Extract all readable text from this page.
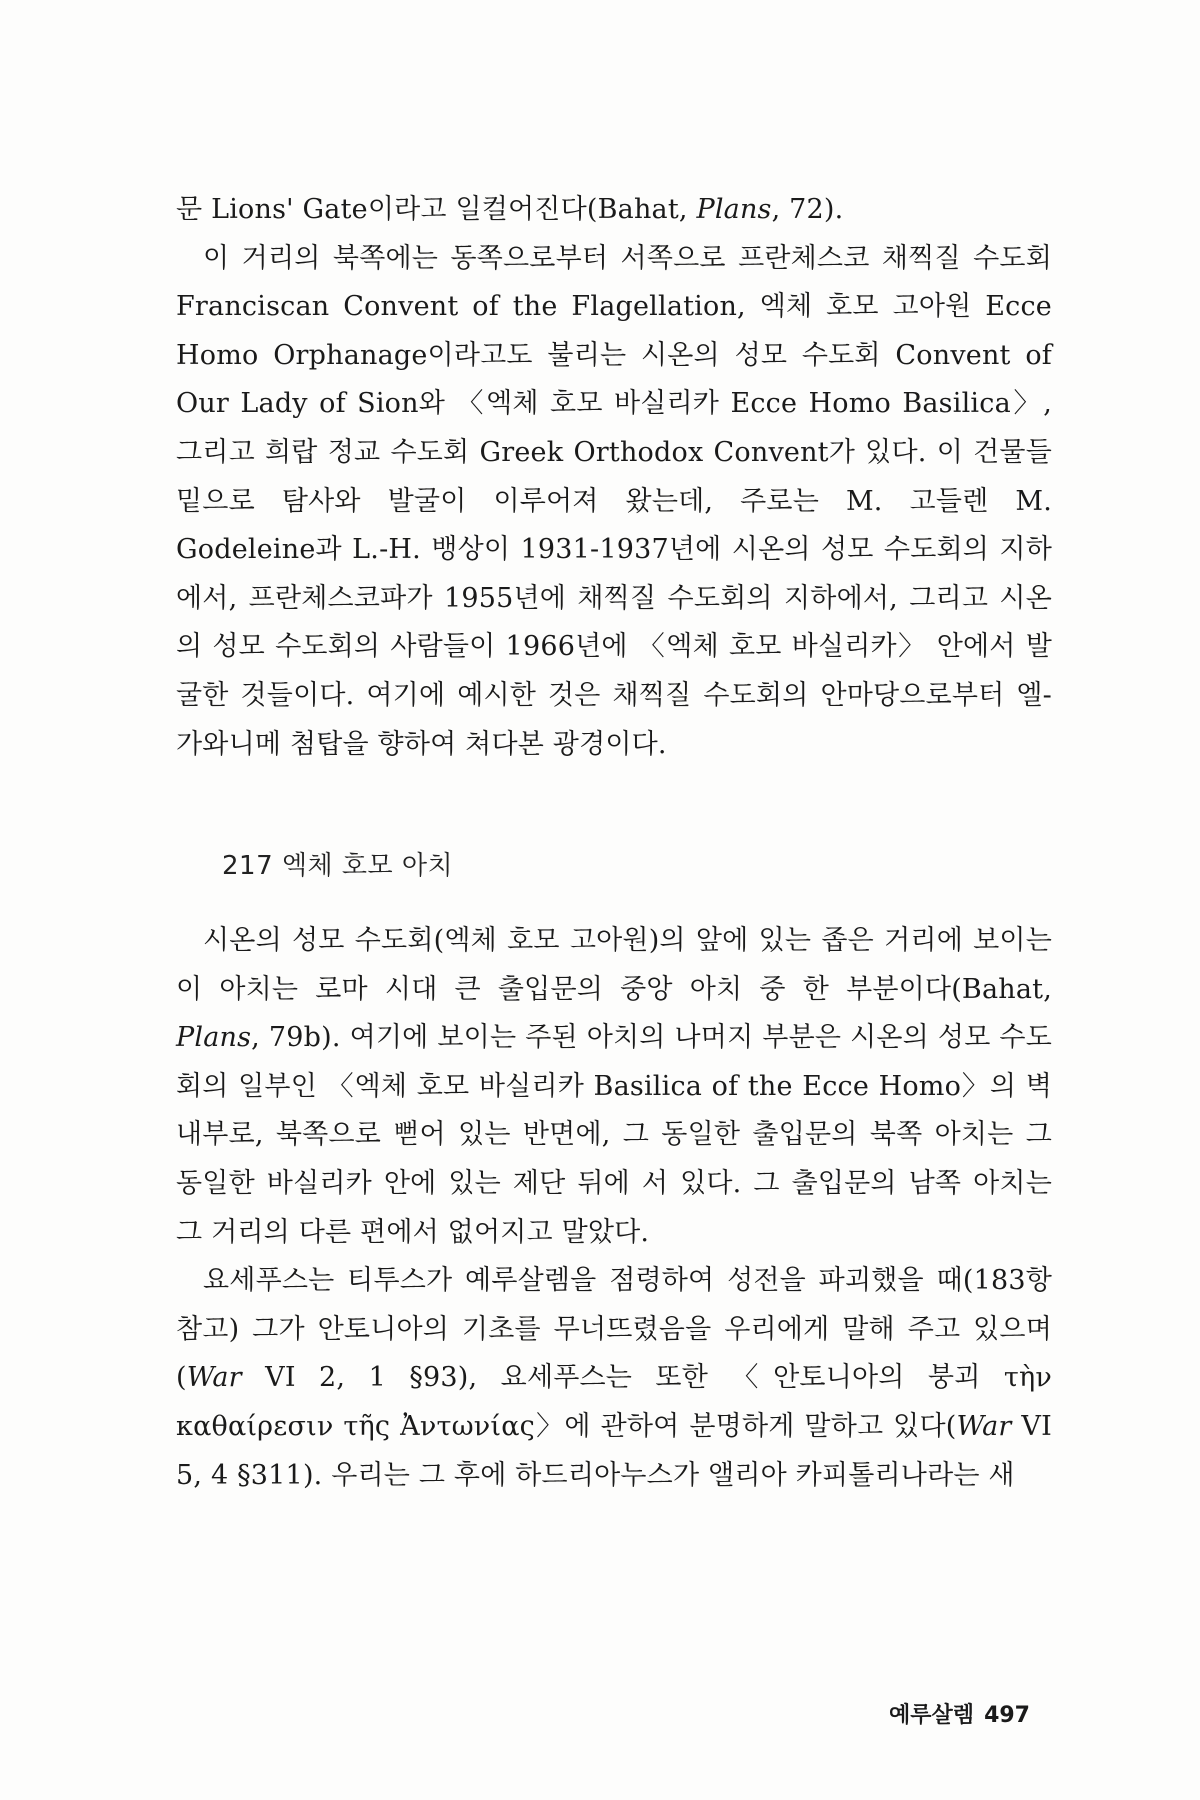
문 Lions' Gate이라고 일컬어진다(Bahat, Plans, 72).

이 거리의 북쪽에는 동쪽으로부터 서쪽으로 프란체스코 채찍질 수도회 Franciscan Convent of the Flagellation, 엑체 호모 고아원 Ecce Homo Orphanage이라고도 불리는 시온의 성모 수도회 Convent of Our Lady of Sion와 〈엑체 호모 바실리카 Ecce Homo Basilica〉, 그리고 희랍 정교 수도회 Greek Orthodox Convent가 있다. 이 건물들 밑으로 탐사와 발굴이 이루어져 왔는데, 주로는 M. 고들렌 M. Godeleine과 L.-H. 뱅상이 1931-1937년에 시온의 성모 수도회의 지하에서, 프란체스코파가 1955년에 채찍질 수도회의 지하에서, 그리고 시온의 성모 수도회의 사람들이 1966년에 〈엑체 호모 바실리카〉 안에서 발굴한 것들이다. 여기에 예시한 것은 채찍질 수도회의 안마당으로부터 엘-가와니메 첨탑을 향하여 쳐다본 광경이다.

217 엑체 호모 아치

시온의 성모 수도회(엑체 호모 고아원)의 앞에 있는 좁은 거리에 보이는 이 아치는 로마 시대 큰 출입문의 중앙 아치 중 한 부분이다(Bahat, Plans, 79b). 여기에 보이는 주된 아치의 나머지 부분은 시온의 성모 수도회의 일부인 〈엑체 호모 바실리카 Basilica of the Ecce Homo〉의 벽 내부로, 북쪽으로 뻗어 있는 반면에, 그 동일한 출입문의 북쪽 아치는 그 동일한 바실리카 안에 있는 제단 뒤에 서 있다. 그 출입문의 남쪽 아치는 그 거리의 다른 편에서 없어지고 말았다.

요세푸스는 티투스가 예루살렘을 점령하여 성전을 파괴했을 때(183항 참고) 그가 안토니아의 기초를 무너뜨렸음을 우리에게 말해 주고 있으며(War VI 2, 1 §93), 요세푸스는 또한 〈안토니아의 붕괴 τὴν καθαίρεσιν τῆς Ἀντωνίας〉에 관하여 분명하게 말하고 있다(War VI 5, 4 §311). 우리는 그 후에 하드리아누스가 앨리아 카피톨리나라는 새

예루살렘 497
